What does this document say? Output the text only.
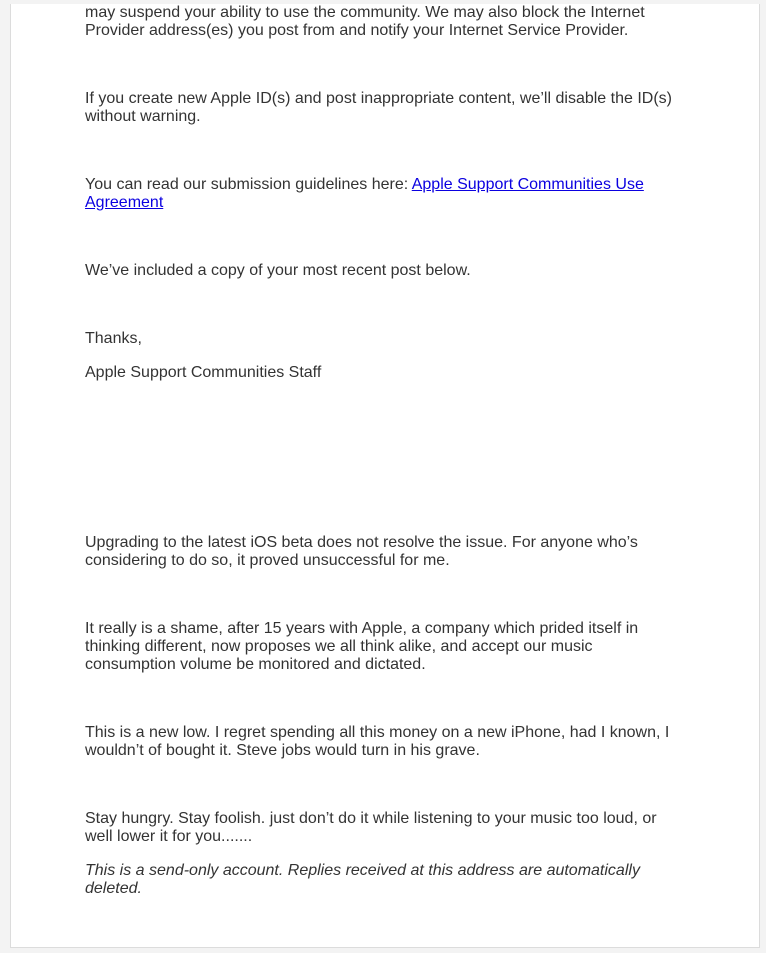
may suspend your ability to use the community. We may also block the Internet Provider address(es) you post from and notify your Internet Service Provider.

If you create new Apple ID(s) and post inappropriate content, we’ll disable the ID(s) without warning.

You can read our submission guidelines here: Apple Support Communities Use Agreement

We’ve included a copy of your most recent post below.

Thanks,

Apple Support Communities Staff

Upgrading to the latest iOS beta does not resolve the issue. For anyone who’s considering to do so, it proved unsuccessful for me.

It really is a shame, after 15 years with Apple, a company which prided itself in thinking different, now proposes we all think alike, and accept our music consumption volume be monitored and dictated.

This is a new low. I regret spending all this money on a new iPhone, had I known, I wouldn’t of bought it. Steve jobs would turn in his grave.

Stay hungry. Stay foolish. just don’t do it while listening to your music too loud, or well lower it for you.......

This is a send-only account. Replies received at this address are automatically deleted.
